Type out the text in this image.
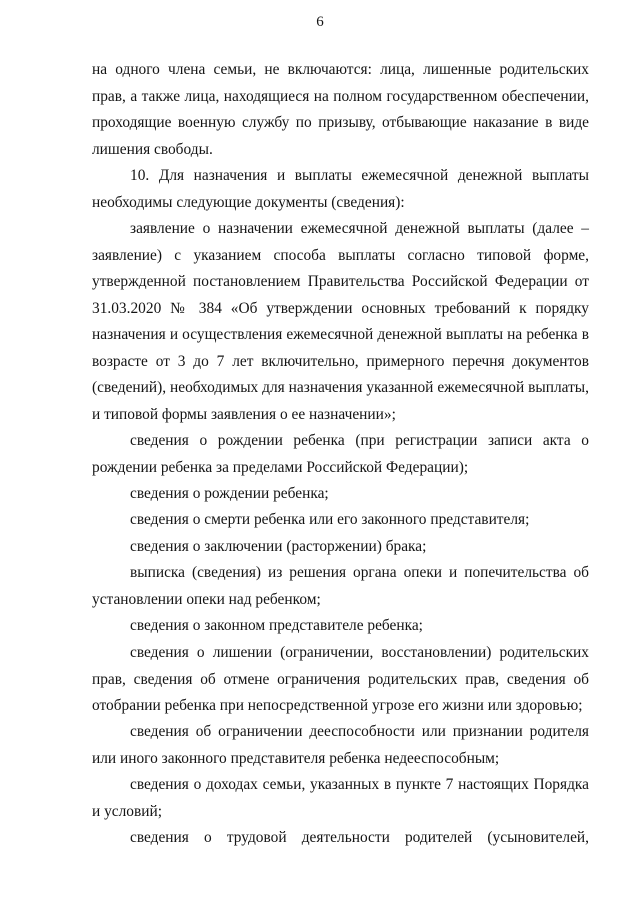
6

на одного члена семьи, не включаются: лица, лишенные родительских прав, а также лица, находящиеся на полном государственном обеспечении, проходящие военную службу по призыву, отбывающие наказание в виде лишения свободы.

10. Для назначения и выплаты ежемесячной денежной выплаты необходимы следующие документы (сведения):

заявление о назначении ежемесячной денежной выплаты (далее – заявление) с указанием способа выплаты согласно типовой форме, утвержденной постановлением Правительства Российской Федерации от 31.03.2020 № 384 «Об утверждении основных требований к порядку назначения и осуществления ежемесячной денежной выплаты на ребенка в возрасте от 3 до 7 лет включительно, примерного перечня документов (сведений), необходимых для назначения указанной ежемесячной выплаты, и типовой формы заявления о ее назначении»;

сведения о рождении ребенка (при регистрации записи акта о рождении ребенка за пределами Российской Федерации);

сведения о рождении ребенка;

сведения о смерти ребенка или его законного представителя;

сведения о заключении (расторжении) брака;

выписка (сведения) из решения органа опеки и попечительства об установлении опеки над ребенком;

сведения о законном представителе ребенка;

сведения о лишении (ограничении, восстановлении) родительских прав, сведения об отмене ограничения родительских прав, сведения об отобрании ребенка при непосредственной угрозе его жизни или здоровью;

сведения об ограничении дееспособности или признании родителя или иного законного представителя ребенка недееспособным;

сведения о доходах семьи, указанных в пункте 7 настоящих Порядка и условий;

сведения о трудовой деятельности родителей (усыновителей,
